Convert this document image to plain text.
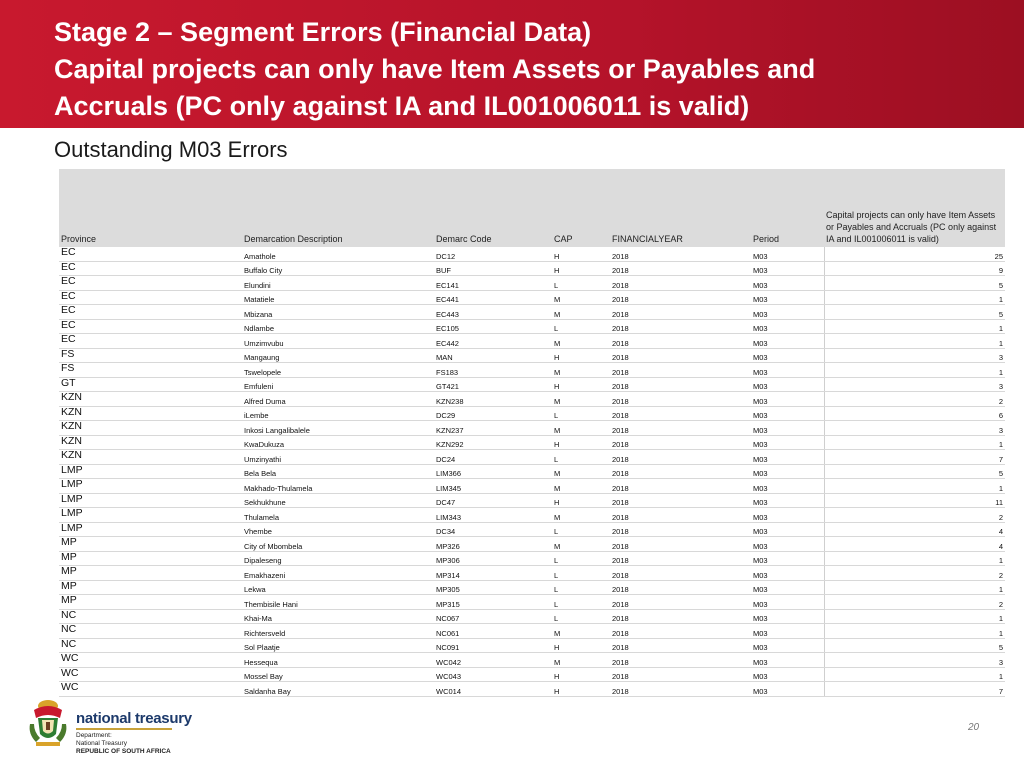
Stage 2 – Segment Errors (Financial Data)
Capital projects can only have Item Assets or Payables and
Accruals (PC only against IA and IL001006011 is valid)
Outstanding M03 Errors
Province	Demarcation Description	Demarc Code	CAP	FINANCIALYEAR	Period	Capital projects can only have Item Assets or Payables and Accruals (PC only against IA and IL001006011 is valid)
EC	Amathole	DC12	H	2018	M03	25
EC	Buffalo City	BUF	H	2018	M03	9
EC	Elundini	EC141	L	2018	M03	5
EC	Matatiele	EC441	M	2018	M03	1
EC	Mbizana	EC443	M	2018	M03	5
EC	Ndlambe	EC105	L	2018	M03	1
EC	Umzimvubu	EC442	M	2018	M03	1
FS	Mangaung	MAN	H	2018	M03	3
FS	Tswelopele	FS183	M	2018	M03	1
GT	Emfuleni	GT421	H	2018	M03	3
KZN	Alfred Duma	KZN238	M	2018	M03	2
KZN	iLembe	DC29	L	2018	M03	6
KZN	Inkosi Langalibalele	KZN237	M	2018	M03	3
KZN	KwaDukuza	KZN292	H	2018	M03	1
KZN	Umzinyathi	DC24	L	2018	M03	7
LMP	Bela Bela	LIM366	M	2018	M03	5
LMP	Makhado-Thulamela	LIM345	M	2018	M03	1
LMP	Sekhukhune	DC47	H	2018	M03	11
LMP	Thulamela	LIM343	M	2018	M03	2
LMP	Vhembe	DC34	L	2018	M03	4
MP	City of Mbombela	MP326	M	2018	M03	4
MP	Dipaleseng	MP306	L	2018	M03	1
MP	Emakhazeni	MP314	L	2018	M03	2
MP	Lekwa	MP305	L	2018	M03	1
MP	Thembisile Hani	MP315	L	2018	M03	2
NC	Khai-Ma	NC067	L	2018	M03	1
NC	Richtersveld	NC061	M	2018	M03	1
NC	Sol Plaatje	NC091	H	2018	M03	5
WC	Hessequa	WC042	M	2018	M03	3
WC	Mossel Bay	WC043	H	2018	M03	1
WC	Saldanha Bay	WC014	H	2018	M03	7
national treasury
Department:
National Treasury
REPUBLIC OF SOUTH AFRICA
20
